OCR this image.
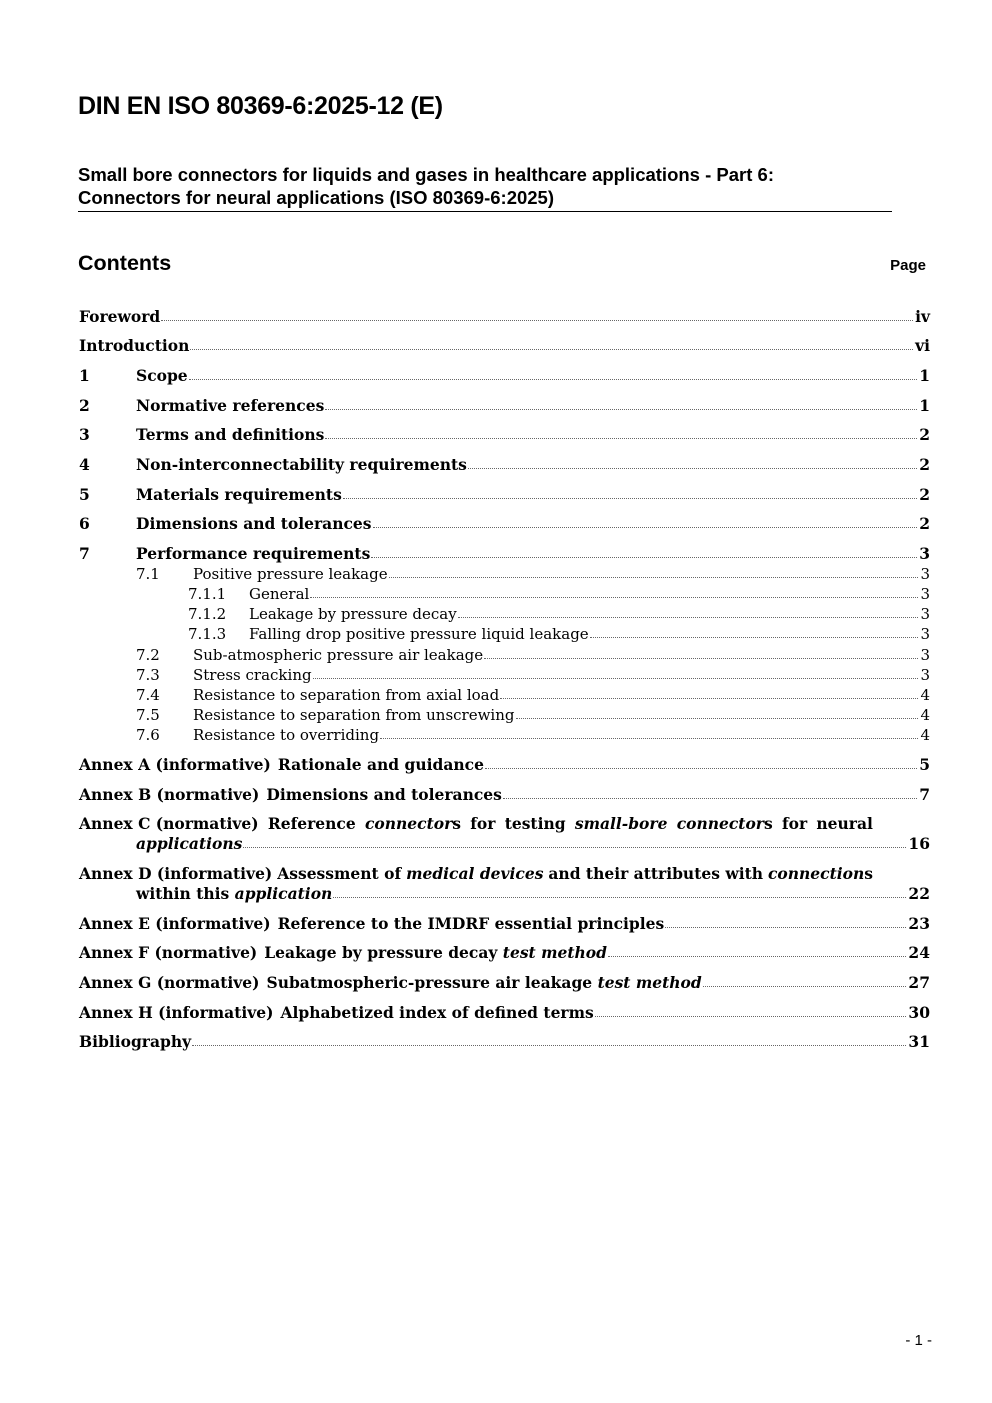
DIN EN ISO 80369-6:2025-12 (E)
Small bore connectors for liquids and gases in healthcare applications - Part 6:
Connectors for neural applications (ISO 80369-6:2025)
Contents	Page
Foreword	iv
Introduction	vi
1	Scope	1
2	Normative references	1
3	Terms and definitions	2
4	Non-interconnectability requirements	2
5	Materials requirements	2
6	Dimensions and tolerances	2
7	Performance requirements	3
7.1	Positive pressure leakage	3
7.1.1	General	3
7.1.2	Leakage by pressure decay	3
7.1.3	Falling drop positive pressure liquid leakage	3
7.2	Sub-atmospheric pressure air leakage	3
7.3	Stress cracking	3
7.4	Resistance to separation from axial load	4
7.5	Resistance to separation from unscrewing	4
7.6	Resistance to overriding	4
Annex A (informative) Rationale and guidance	5
Annex B (normative) Dimensions and tolerances	7
Annex C (normative) Reference connectors for testing small-bore connectors for neural
applications	16
Annex D (informative) Assessment of medical devices and their attributes with connections
within this
application	22
Annex E (informative) Reference to the IMDRF essential principles	23
Annex F (normative) Leakage by pressure decay
test method	24
Annex G (normative) Subatmospheric-pressure air leakage
test method	27
Annex H (informative) Alphabetized index of defined terms	30
Bibliography	31
- 1 -
